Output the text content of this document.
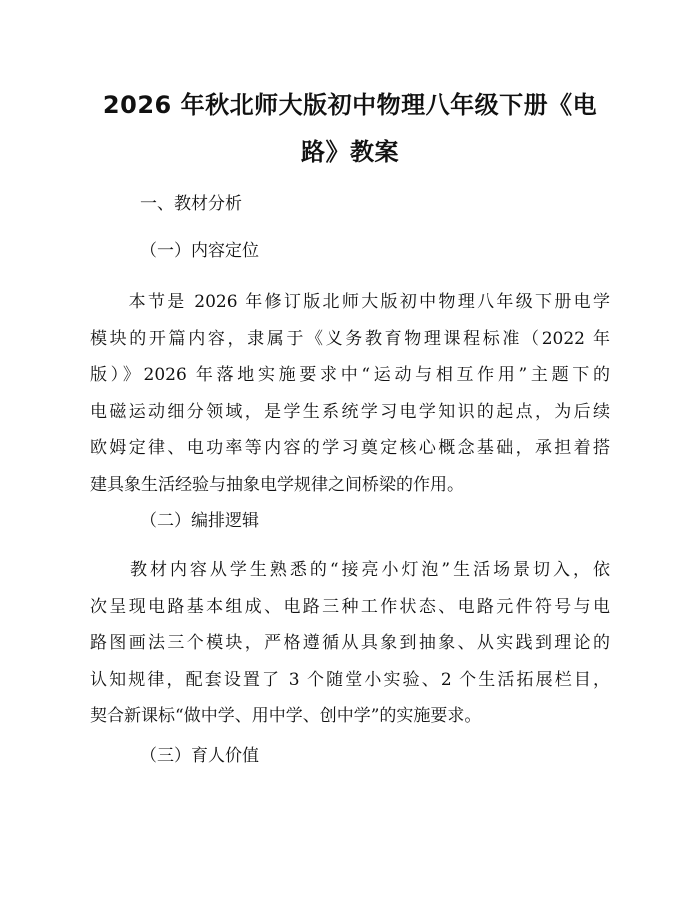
2026 年秋北师大版初中物理八年级下册《电
路》教案
一、教材分析
（一）内容定位

　　本节是 2026 年修订版北师大版初中物理八年级下册电学
模块的开篇内容，隶属于《义务教育物理课程标准（2022 年
版）》2026 年落地实施要求中“运动与相互作用”主题下的
电磁运动细分领域，是学生系统学习电学知识的起点，为后续
欧姆定律、电功率等内容的学习奠定核心概念基础，承担着搭
建具象生活经验与抽象电学规律之间桥梁的作用。

（二）编排逻辑

　　教材内容从学生熟悉的“接亮小灯泡”生活场景切入，依
次呈现电路基本组成、电路三种工作状态、电路元件符号与电
路图画法三个模块，严格遵循从具象到抽象、从实践到理论的
认知规律，配套设置了 3 个随堂小实验、2 个生活拓展栏目，
契合新课标“做中学、用中学、创中学”的实施要求。

（三）育人价值
